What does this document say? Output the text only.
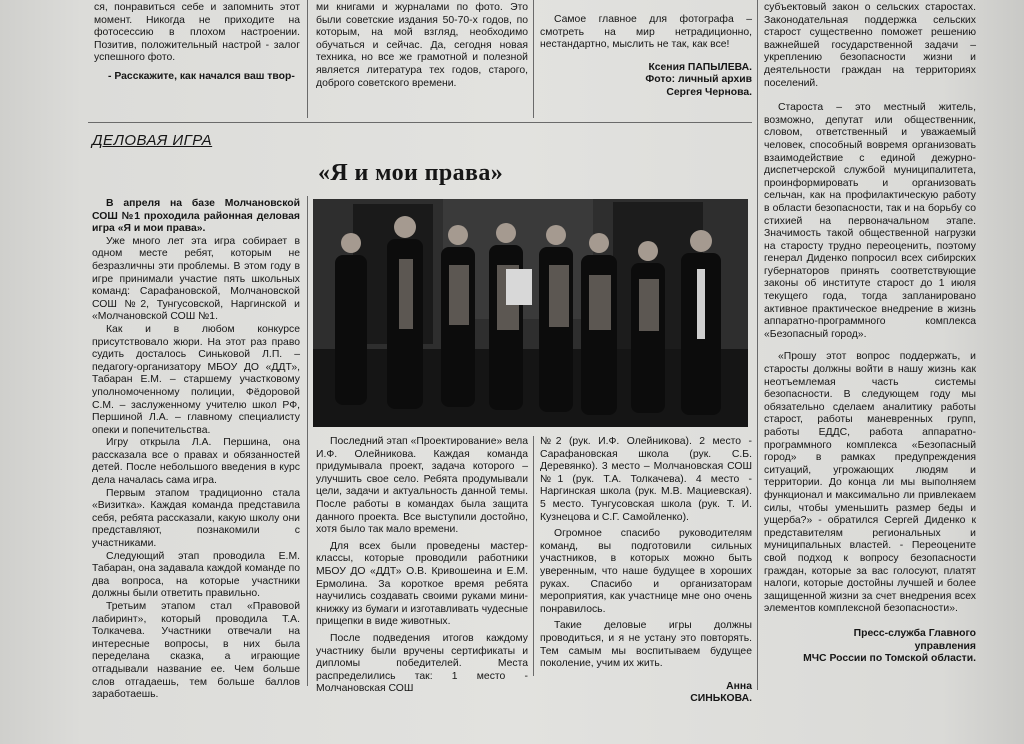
ся, понравиться себе и запомнить этот момент. Никогда не приходите на фотосессию в плохом настроении. Позитив, положительный настрой - залог успешного фото.

- Расскажите, как начался ваш твор-

ми книгами и журналами по фото. Это были советские издания 50-70-х годов, по которым, на мой взгляд, необходимо обучаться и сейчас. Да, сегодня новая техника, но все же грамотной и полезной является литература тех годов, старого, доброго советского времени.

Самое главное для фотографа – смотреть на мир нетрадиционно, нестандартно, мыслить не так, как все!

Ксения ПАПЫЛЕВА.
Фото: личный архив
Сергея Чернова.
ДЕЛОВАЯ ИГРА
«Я и мои права»

В апреля на базе Молчановской СОШ №1 проходила районная деловая игра «Я и мои права».

Уже много лет эта игра собирает в одном месте ребят, которым не безразличны эти проблемы. В этом году в игре принимали участие пять школьных команд: Сарафановской, Молчановской СОШ №2, Тунгусовской, Наргинской и «Молчановской СОШ №1.

Как и в любом конкурсе присутствовало жюри. На этот раз право судить досталось Синьковой Л.П. – педагогу-организатору МБОУ ДО «ДДТ», Табаран Е.М. – старшему участковому уполномоченному полиции, Фёдоровой С.М. – заслуженному учителю школ РФ, Першиной Л.А. – главному специалисту опеки и попечительства.

Игру открыла Л.А. Першина, она рассказала все о правах и обязанностей детей. После небольшого введения в курс дела началась сама игра.

Первым этапом традиционно стала «Визитка». Каждая команда представила себя, ребята рассказали, какую школу они представляют, познакомили с участниками.

Следующий этап проводила Е.М. Табаран, она задавала каждой команде по два вопроса, на которые участники должны были ответить правильно.

Третьим этапом стал «Правовой лабиринт», который проводила Т.А. Толкачева. Участники отвечали на интересные вопросы, в них была переделана сказка, а играющие отгадывали название ее. Чем больше слов отгадаешь, тем больше баллов заработаешь.

Последний этап «Проектирование» вела И.Ф. Олейникова. Каждая команда придумывала проект, задача которого – улучшить свое село. Ребята продумывали цели, задачи и актуальность данной темы. После работы в командах была защита данного проекта. Все выступили достойно, хотя было так мало времени.

Для всех были проведены мастер-классы, которые проводили работники МБОУ ДО «ДДТ» О.В. Кривошеина и Е.М. Ермолина. За короткое время ребята научились создавать своими руками мини-книжку из бумаги и изготавливать чудесные прищепки в виде животных.

После подведения итогов каждому участнику были вручены сертификаты и дипломы победителей. Места распределились так: 1 место - Молчановская СОШ

№2 (рук. И.Ф. Олейникова). 2 место - Сарафановская школа (рук. С.Б. Деревянко). 3 место – Молчановская СОШ №1 (рук. Т.А. Толкачева). 4 место - Наргинская школа (рук. М.В. Мациевская). 5 место. Тунгусовская школа (рук. Т. И. Кузнецова и С.Г. Самойленко).

Огромное спасибо руководителям команд, вы подготовили сильных участников, в которых можно быть уверенным, что наше будущее в хороших руках. Спасибо и организаторам мероприятия, как участнице мне оно очень понравилось.

Такие деловые игры должны проводиться, и я не устану это повторять. Тем самым мы воспитываем будущее поколение, учим их жить.

Анна
СИНЬКОВА.

субъектовый закон о сельских старостах. Законодательная поддержка сельских старост существенно поможет решению важнейшей государственной задачи – укреплению безопасности жизни и деятельности граждан на территориях поселений.

Староста – это местный житель, возможно, депутат или общественник, словом, ответственный и уважаемый человек, способный вовремя организовать взаимодействие с единой дежурно-диспетчерской службой муниципалитета, проинформировать и организовать сельчан, как на профилактическую работу в области безопасности, так и на борьбу со стихией на первоначальном этапе. Значимость такой общественной нагрузки на старосту трудно переоценить, поэтому генерал Диденко попросил всех сибирских губернаторов принять соответствующие законы об институте старост до 1 июля текущего года, тогда запланировано активное практическое внедрение в жизнь аппаратно-программного комплекса «Безопасный город».

«Прошу этот вопрос поддержать, и старосты должны войти в нашу жизнь как неотъемлемая часть системы безопасности. В следующем году мы обязательно сделаем аналитику работы старост, работы маневренных групп, работы ЕДДС, работа аппаратно-программного комплекса «Безопасный город» в рамках предупреждения ситуаций, угрожающих людям и территории. До конца ли мы выполняем функционал и максимально ли привлекаем силы, чтобы уменьшить размер беды и ущерба?» - обратился Сергей Диденко к представителям региональных и муниципальных властей. - Переоцените свой подход к вопросу безопасности граждан, которые за вас голосуют, платят налоги, которые достойны лучшей и более защищенной жизни за счет внедрения всех элементов комплексной безопасности».

Пресс-служба Главного
управления
МЧС России по Томской области.
